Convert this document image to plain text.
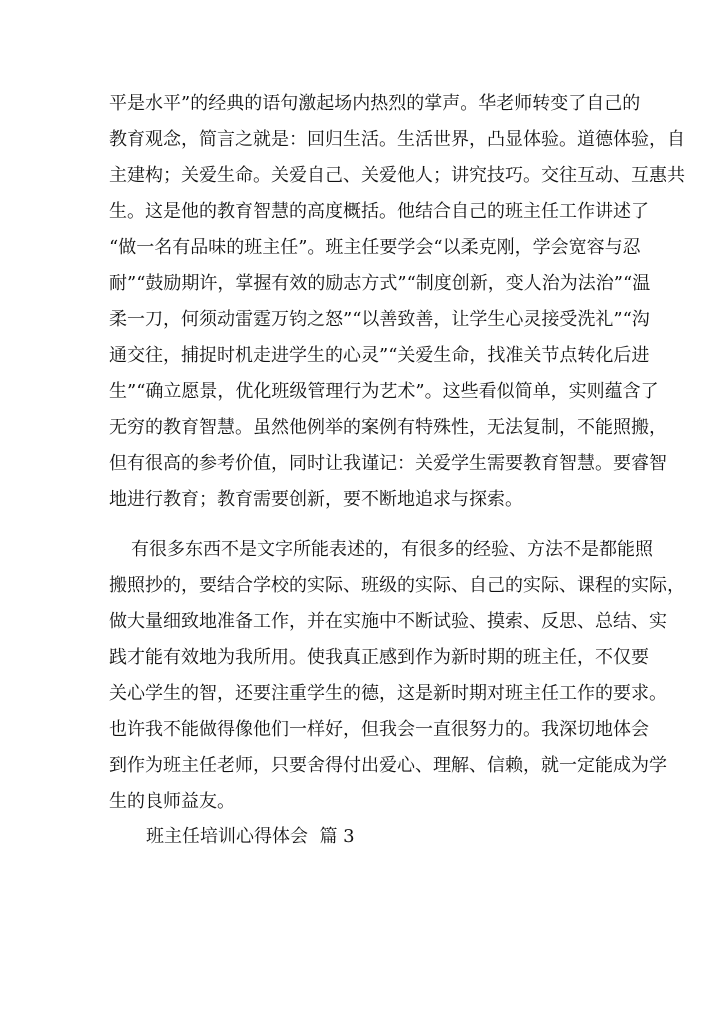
平是水平”的经典的语句激起场内热烈的掌声。华老师转变了自己的
教育观念，简言之就是：回归生活。生活世界，凸显体验。道德体验，自
主建构；关爱生命。关爱自己、关爱他人；讲究技巧。交往互动、互惠共
生。这是他的教育智慧的高度概括。他结合自己的班主任工作讲述了
“做一名有品味的班主任”。班主任要学会“以柔克刚，学会宽容与忍
耐”“鼓励期许，掌握有效的励志方式”“制度创新，变人治为法治”“温
柔一刀，何须动雷霆万钧之怒”“以善致善，让学生心灵接受洗礼”“沟
通交往，捕捉时机走进学生的心灵”“关爱生命，找准关节点转化后进
生”“确立愿景，优化班级管理行为艺术”。这些看似简单，实则蕴含了
无穷的教育智慧。虽然他例举的案例有特殊性，无法复制，不能照搬，
但有很高的参考价值，同时让我谨记：关爱学生需要教育智慧。要睿智
地进行教育；教育需要创新，要不断地追求与探索。
有很多东西不是文字所能表述的，有很多的经验、方法不是都能照
搬照抄的，要结合学校的实际、班级的实际、自己的实际、课程的实际，
做大量细致地准备工作，并在实施中不断试验、摸索、反思、总结、实
践才能有效地为我所用。使我真正感到作为新时期的班主任，不仅要
关心学生的智，还要注重学生的德，这是新时期对班主任工作的要求。
也许我不能做得像他们一样好，但我会一直很努力的。我深切地体会
到作为班主任老师，只要舍得付出爱心、理解、信赖，就一定能成为学
生的良师益友。
班主任培训心得体会  篇 3
